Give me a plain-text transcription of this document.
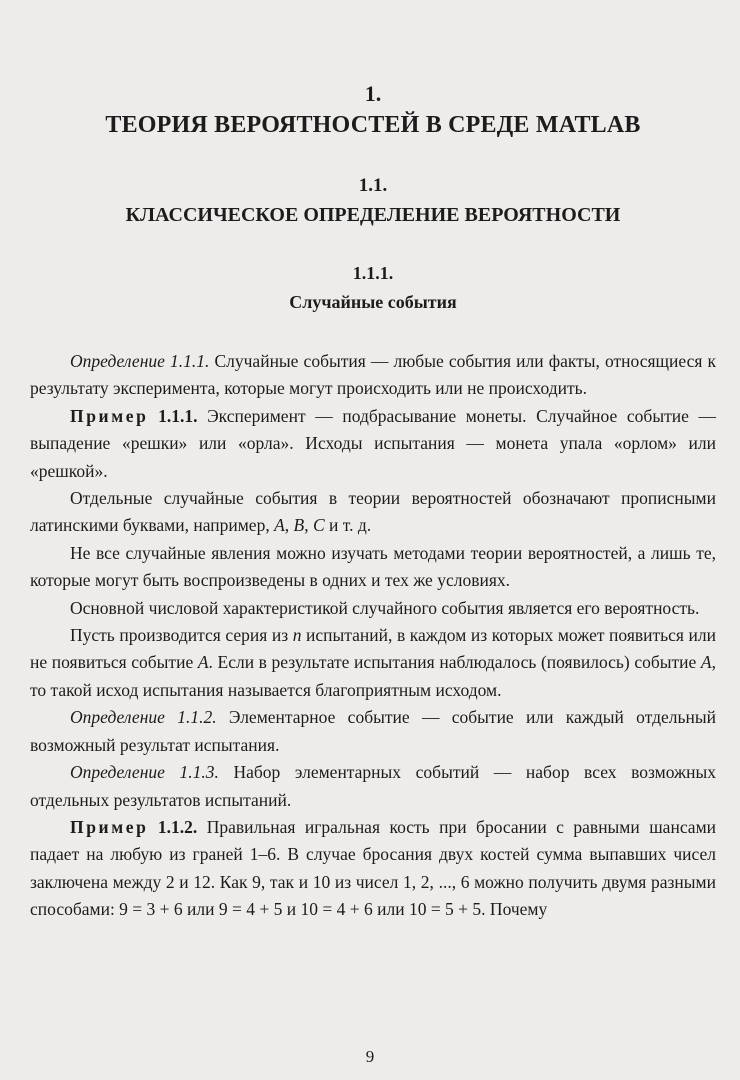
1.
ТЕОРИЯ ВЕРОЯТНОСТЕЙ В СРЕДЕ MATLAB
1.1.
КЛАССИЧЕСКОЕ ОПРЕДЕЛЕНИЕ ВЕРОЯТНОСТИ
1.1.1.
Случайные события

Определение 1.1.1. Случайные события — любые события или факты, относящиеся к результату эксперимента, которые могут происходить или не происходить.

Пример 1.1.1. Эксперимент — подбрасывание монеты. Случайное событие — выпадение «решки» или «орла». Исходы испытания — монета упала «орлом» или «решкой».

Отдельные случайные события в теории вероятностей обозначают прописными латинскими буквами, например, A, B, C и т. д.

Не все случайные явления можно изучать методами теории вероятностей, а лишь те, которые могут быть воспроизведены в одних и тех же условиях.

Основной числовой характеристикой случайного события является его вероятность.

Пусть производится серия из n испытаний, в каждом из которых может появиться или не появиться событие A. Если в результате испытания наблюдалось (появилось) событие A, то такой исход испытания называется благоприятным исходом.

Определение 1.1.2. Элементарное событие — событие или каждый отдельный возможный результат испытания.

Определение 1.1.3. Набор элементарных событий — набор всех возможных отдельных результатов испытаний.

Пример 1.1.2. Правильная игральная кость при бросании с равными шансами падает на любую из граней 1–6. В случае бросания двух костей сумма выпавших чисел заключена между 2 и 12. Как 9, так и 10 из чисел 1, 2, ..., 6 можно получить двумя разными способами: 9 = 3 + 6 или 9 = 4 + 5 и 10 = 4 + 6 или 10 = 5 + 5. Почему

9
